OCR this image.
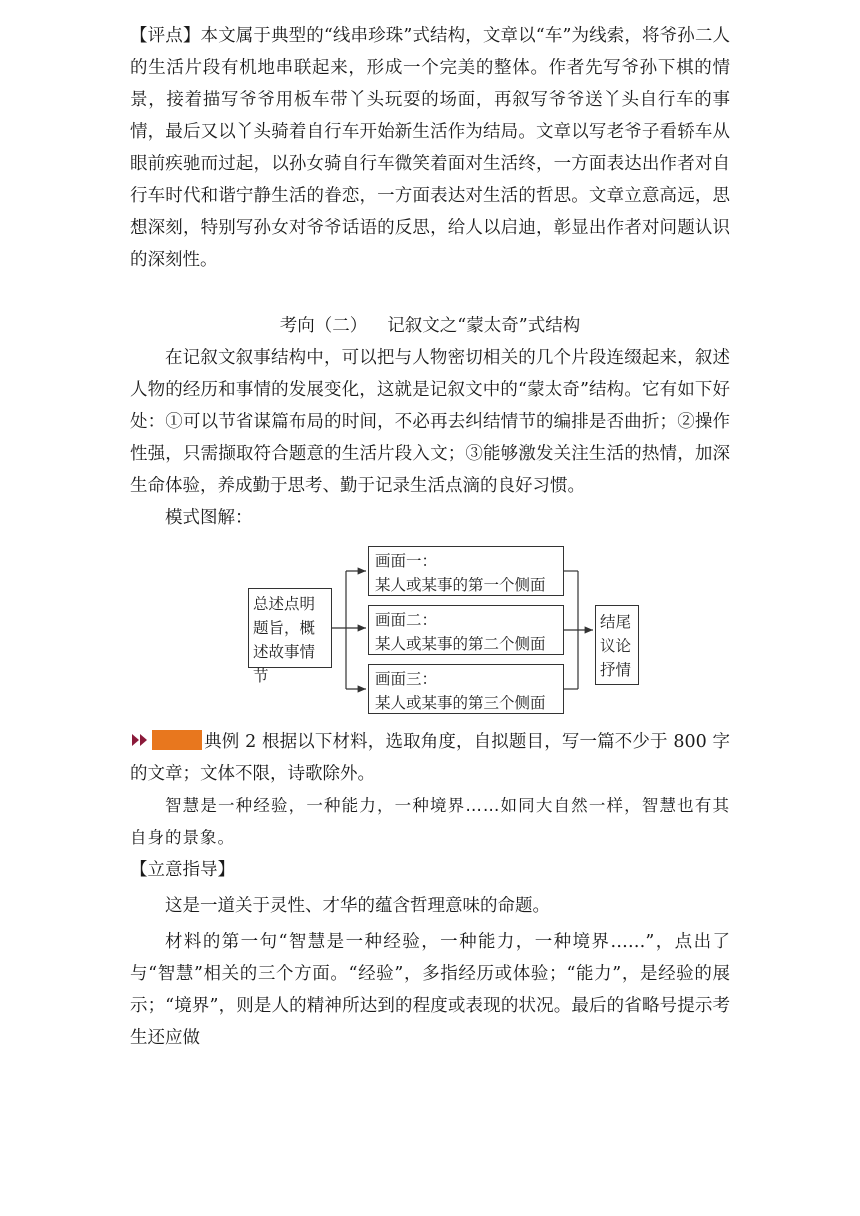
【评点】本文属于典型的“线串珍珠”式结构，文章以“车”为线索，将爷孙二人的生活片段有机地串联起来，形成一个完美的整体。作者先写爷孙下棋的情景，接着描写爷爷用板车带丫头玩耍的场面，再叙写爷爷送丫头自行车的事情，最后又以丫头骑着自行车开始新生活作为结局。文章以写老爷子看轿车从眼前疾驰而过起，以孙女骑自行车微笑着面对生活终，一方面表达出作者对自行车时代和谐宁静生活的眷恋，一方面表达对生活的哲思。文章立意高远，思想深刻，特别写孙女对爷爷话语的反思，给人以启迪，彰显出作者对问题认识的深刻性。

考向（二） 记叙文之“蒙太奇”式结构

在记叙文叙事结构中，可以把与人物密切相关的几个片段连缀起来，叙述人物的经历和事情的发展变化，这就是记叙文中的“蒙太奇”结构。它有如下好处：①可以节省谋篇布局的时间，不必再去纠结情节的编排是否曲折；②操作性强，只需撷取符合题意的生活片段入文；③能够激发关注生活的热情，加深生命体验，养成勤于思考、勤于记录生活点滴的良好习惯。

模式图解：

总述点明题旨，概述故事情节
画面一：
某人或某事的第一个侧面
画面二：
某人或某事的第二个侧面
画面三：
某人或某事的第三个侧面
结尾议论抒情

典例 2 根据以下材料，选取角度，自拟题目，写一篇不少于 800 字的文章；文体不限，诗歌除外。

智慧是一种经验，一种能力，一种境界……如同大自然一样，智慧也有其自身的景象。

【立意指导】

这是一道关于灵性、才华的蕴含哲理意味的命题。

材料的第一句“智慧是一种经验，一种能力，一种境界……”，点出了与“智慧”相关的三个方面。“经验”，多指经历或体验；“能力”，是经验的展示；“境界”，则是人的精神所达到的程度或表现的状况。最后的省略号提示考生还应做
